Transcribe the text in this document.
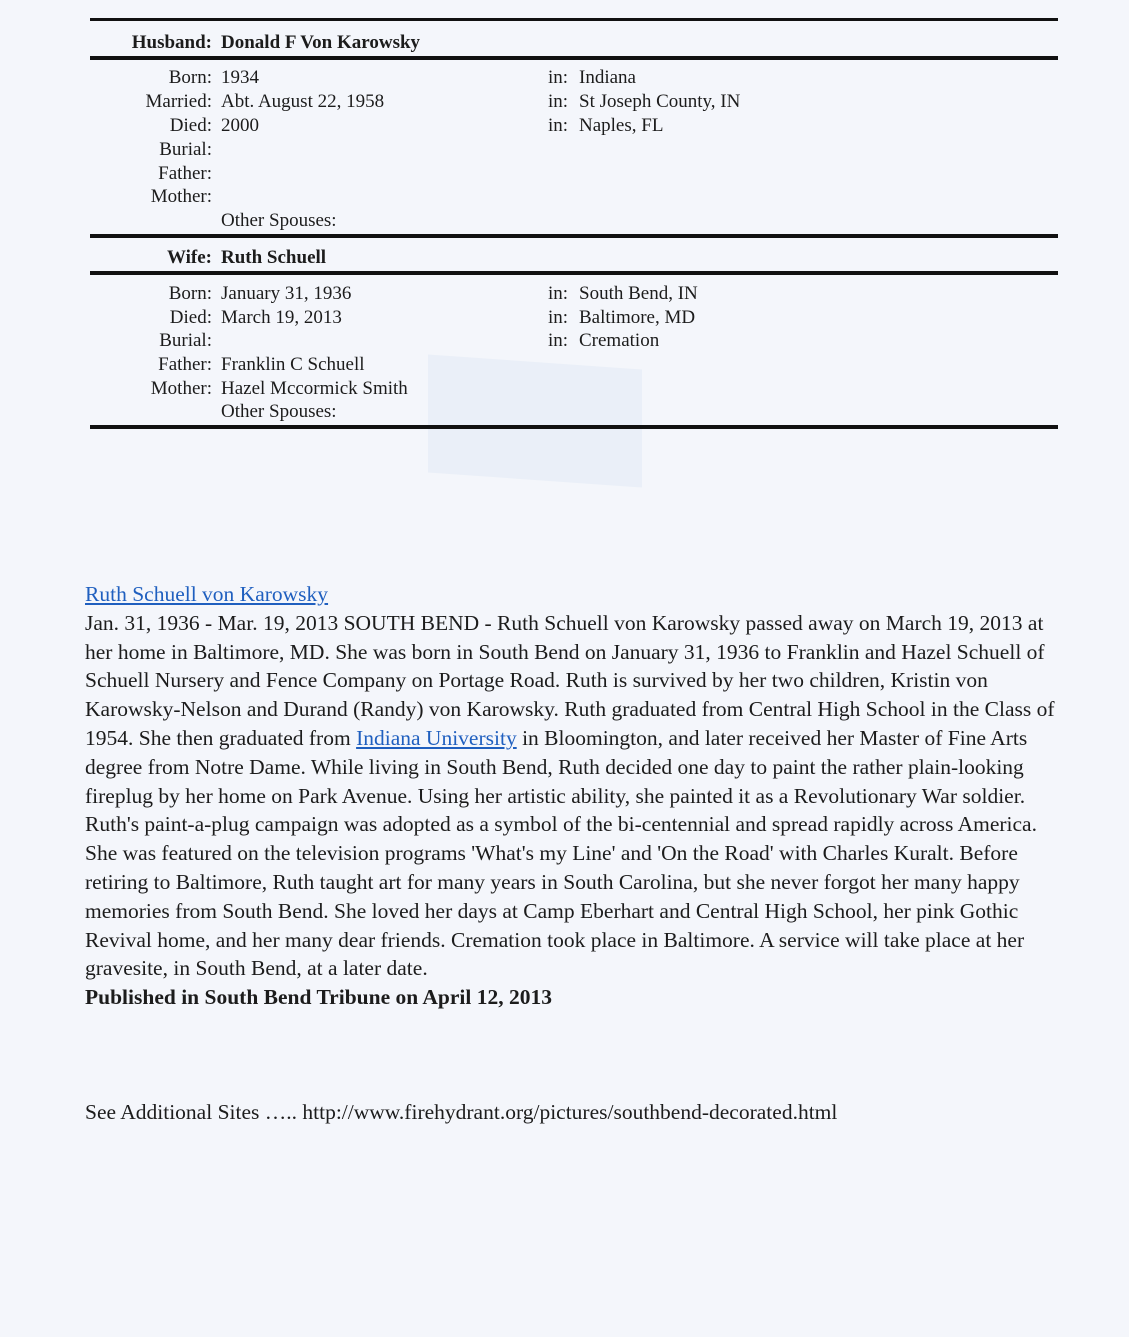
Husband: Donald F Von Karowsky
Born: 1934	in: Indiana
Married: Abt. August 22, 1958	in: St Joseph County, IN
Died: 2000	in: Naples, FL
Burial:
Father:
Mother:
Other Spouses:
Wife: Ruth Schuell
Born: January 31, 1936	in: South Bend, IN
Died: March 19, 2013	in: Baltimore, MD
Burial:	in: Cremation
Father: Franklin C Schuell
Mother: Hazel Mccormick Smith
Other Spouses:
Ruth Schuell von Karowsky
Jan. 31, 1936 - Mar. 19, 2013 SOUTH BEND - Ruth Schuell von Karowsky passed away on March 19, 2013 at her home in Baltimore, MD. She was born in South Bend on January 31, 1936 to Franklin and Hazel Schuell of Schuell Nursery and Fence Company on Portage Road. Ruth is survived by her two children, Kristin von Karowsky-Nelson and Durand (Randy) von Karowsky. Ruth graduated from Central High School in the Class of 1954. She then graduated from Indiana University in Bloomington, and later received her Master of Fine Arts degree from Notre Dame. While living in South Bend, Ruth decided one day to paint the rather plain-looking fireplug by her home on Park Avenue. Using her artistic ability, she painted it as a Revolutionary War soldier. Ruth's paint-a-plug campaign was adopted as a symbol of the bi-centennial and spread rapidly across America. She was featured on the television programs 'What's my Line' and 'On the Road' with Charles Kuralt. Before retiring to Baltimore, Ruth taught art for many years in South Carolina, but she never forgot her many happy memories from South Bend. She loved her days at Camp Eberhart and Central High School, her pink Gothic Revival home, and her many dear friends. Cremation took place in Baltimore. A service will take place at her gravesite, in South Bend, at a later date.
Published in South Bend Tribune on April 12, 2013
See Additional Sites ….. http://www.firehydrant.org/pictures/southbend-decorated.html
